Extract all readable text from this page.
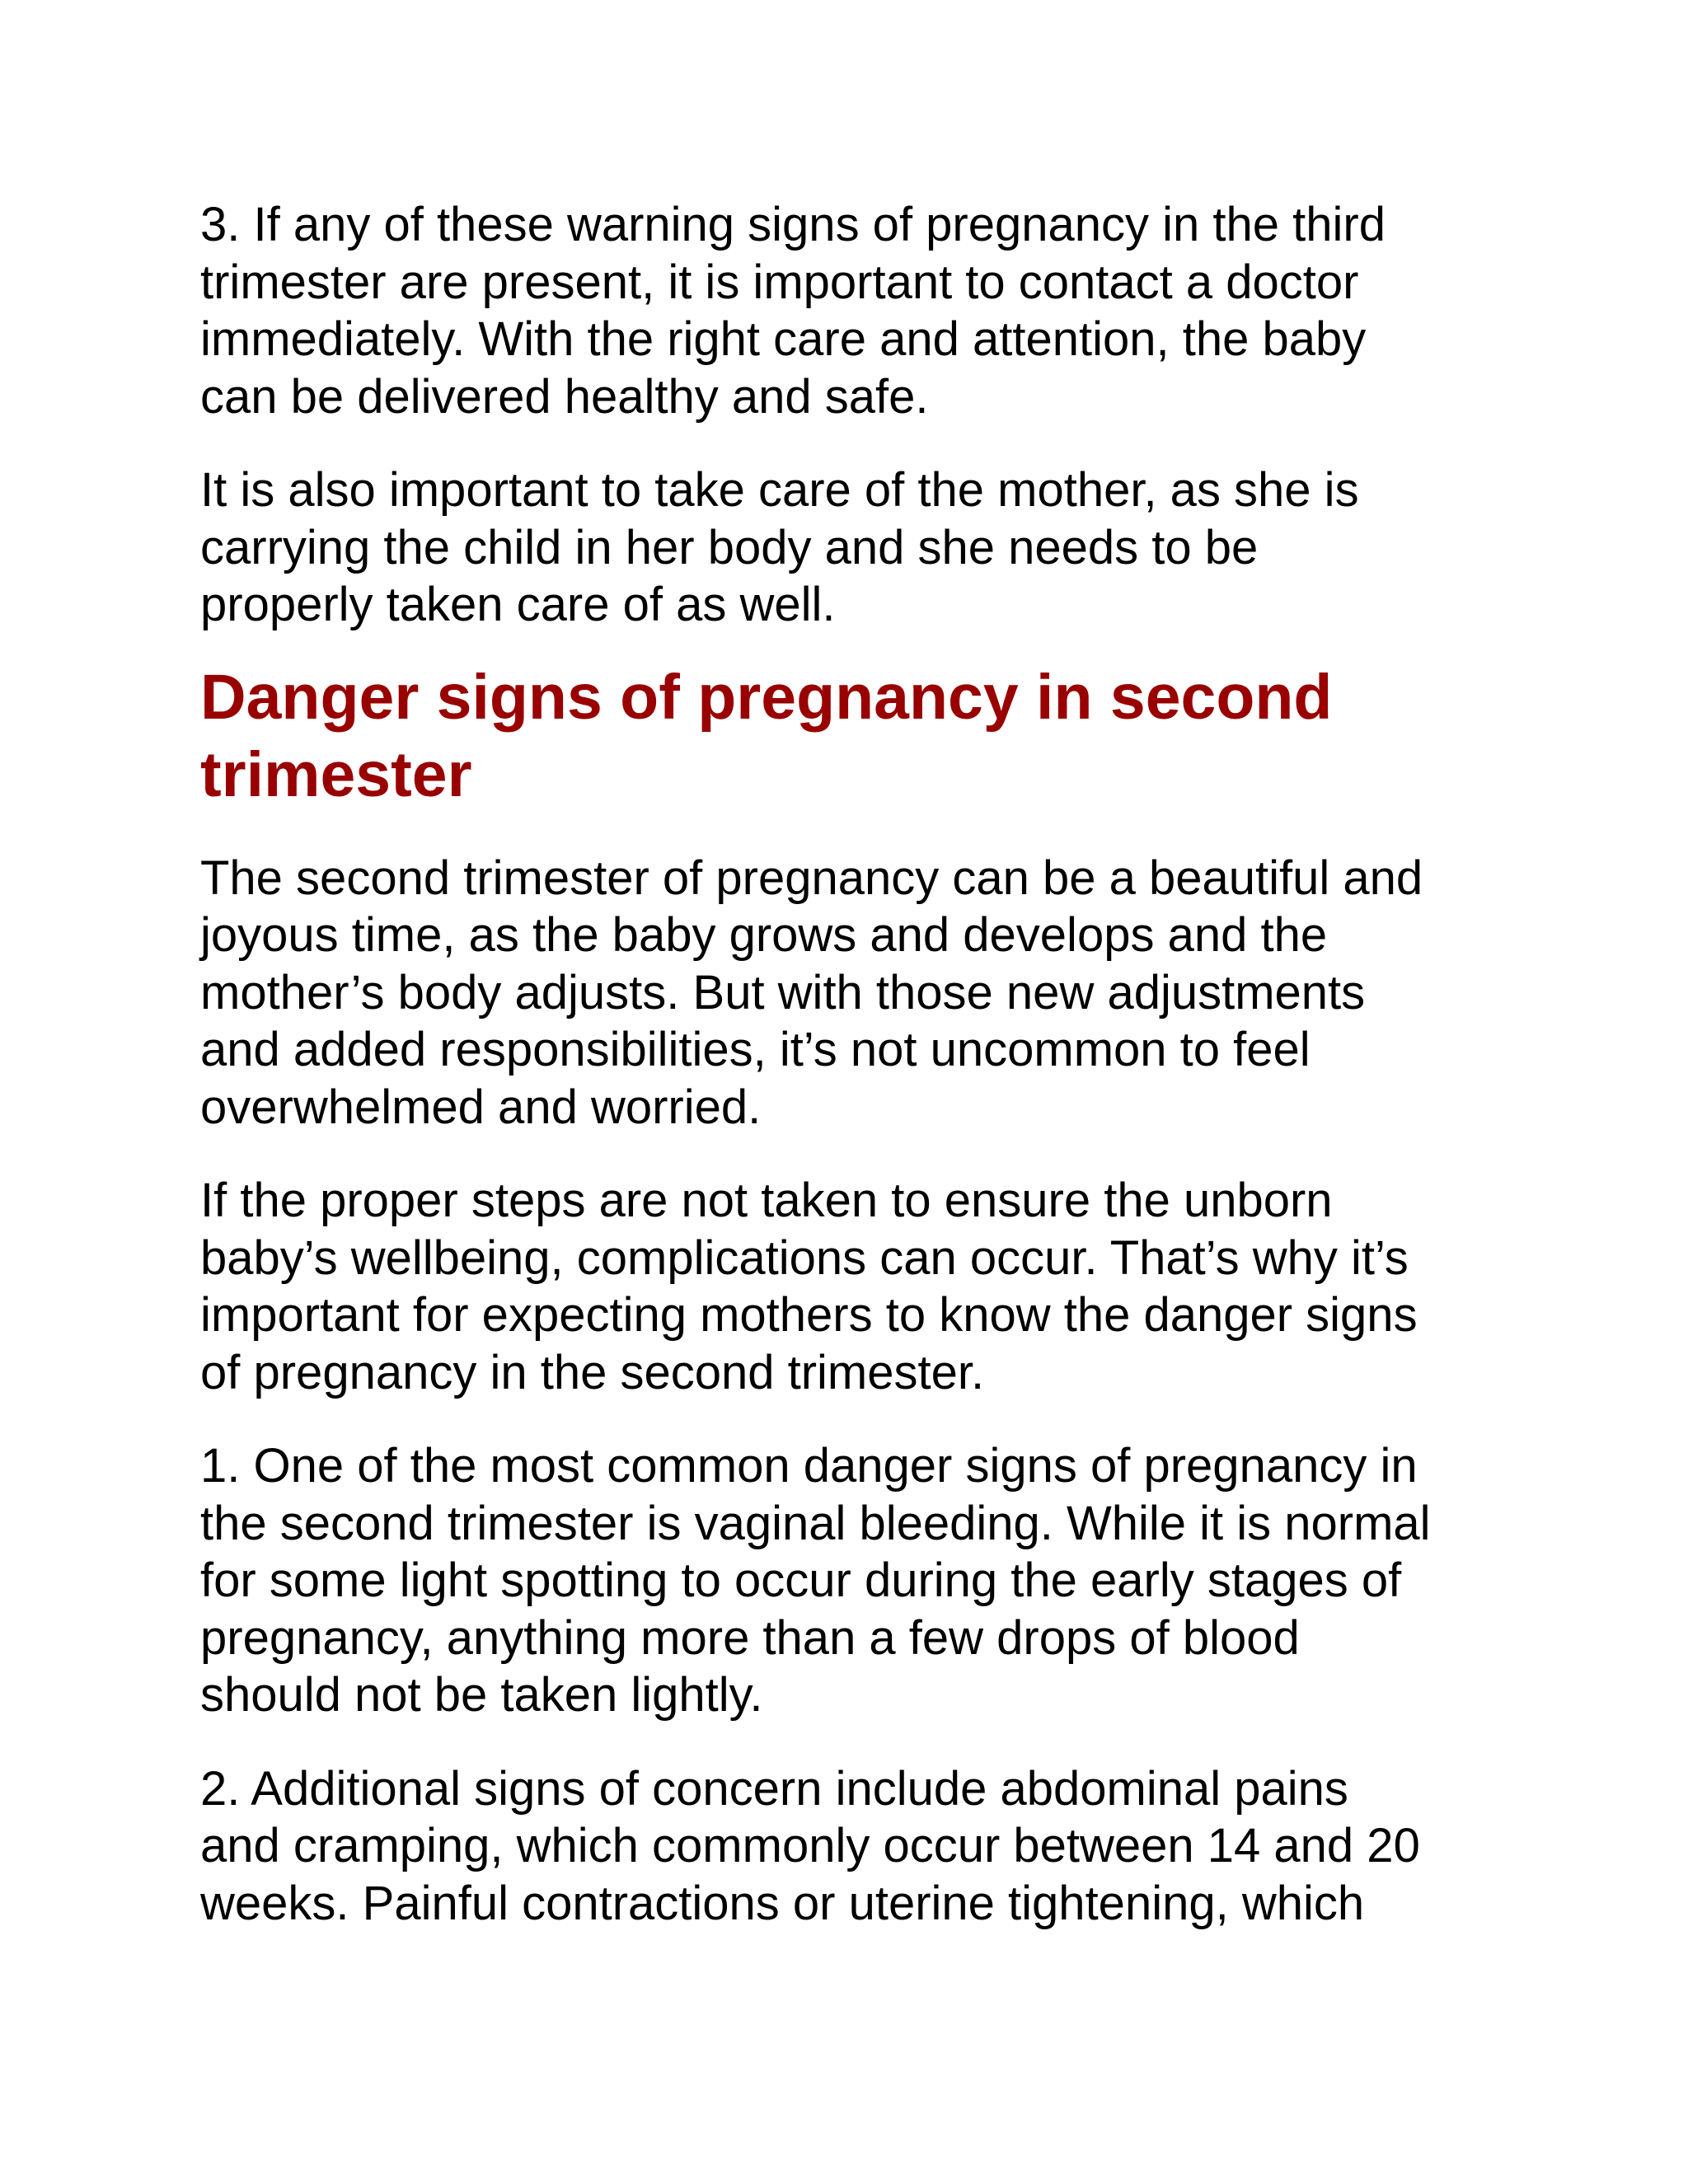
3. If any of these warning signs of pregnancy in the third
trimester are present, it is important to contact a doctor
immediately. With the right care and attention, the baby
can be delivered healthy and safe.

It is also important to take care of the mother, as she is
carrying the child in her body and she needs to be
properly taken care of as well.

Danger signs of pregnancy in second
trimester

The second trimester of pregnancy can be a beautiful and
joyous time, as the baby grows and develops and the
mother’s body adjusts. But with those new adjustments
and added responsibilities, it’s not uncommon to feel
overwhelmed and worried.

If the proper steps are not taken to ensure the unborn
baby’s wellbeing, complications can occur. That’s why it’s
important for expecting mothers to know the danger signs
of pregnancy in the second trimester.

1. One of the most common danger signs of pregnancy in
the second trimester is vaginal bleeding. While it is normal
for some light spotting to occur during the early stages of
pregnancy, anything more than a few drops of blood
should not be taken lightly.

2. Additional signs of concern include abdominal pains
and cramping, which commonly occur between 14 and 20
weeks. Painful contractions or uterine tightening, which
